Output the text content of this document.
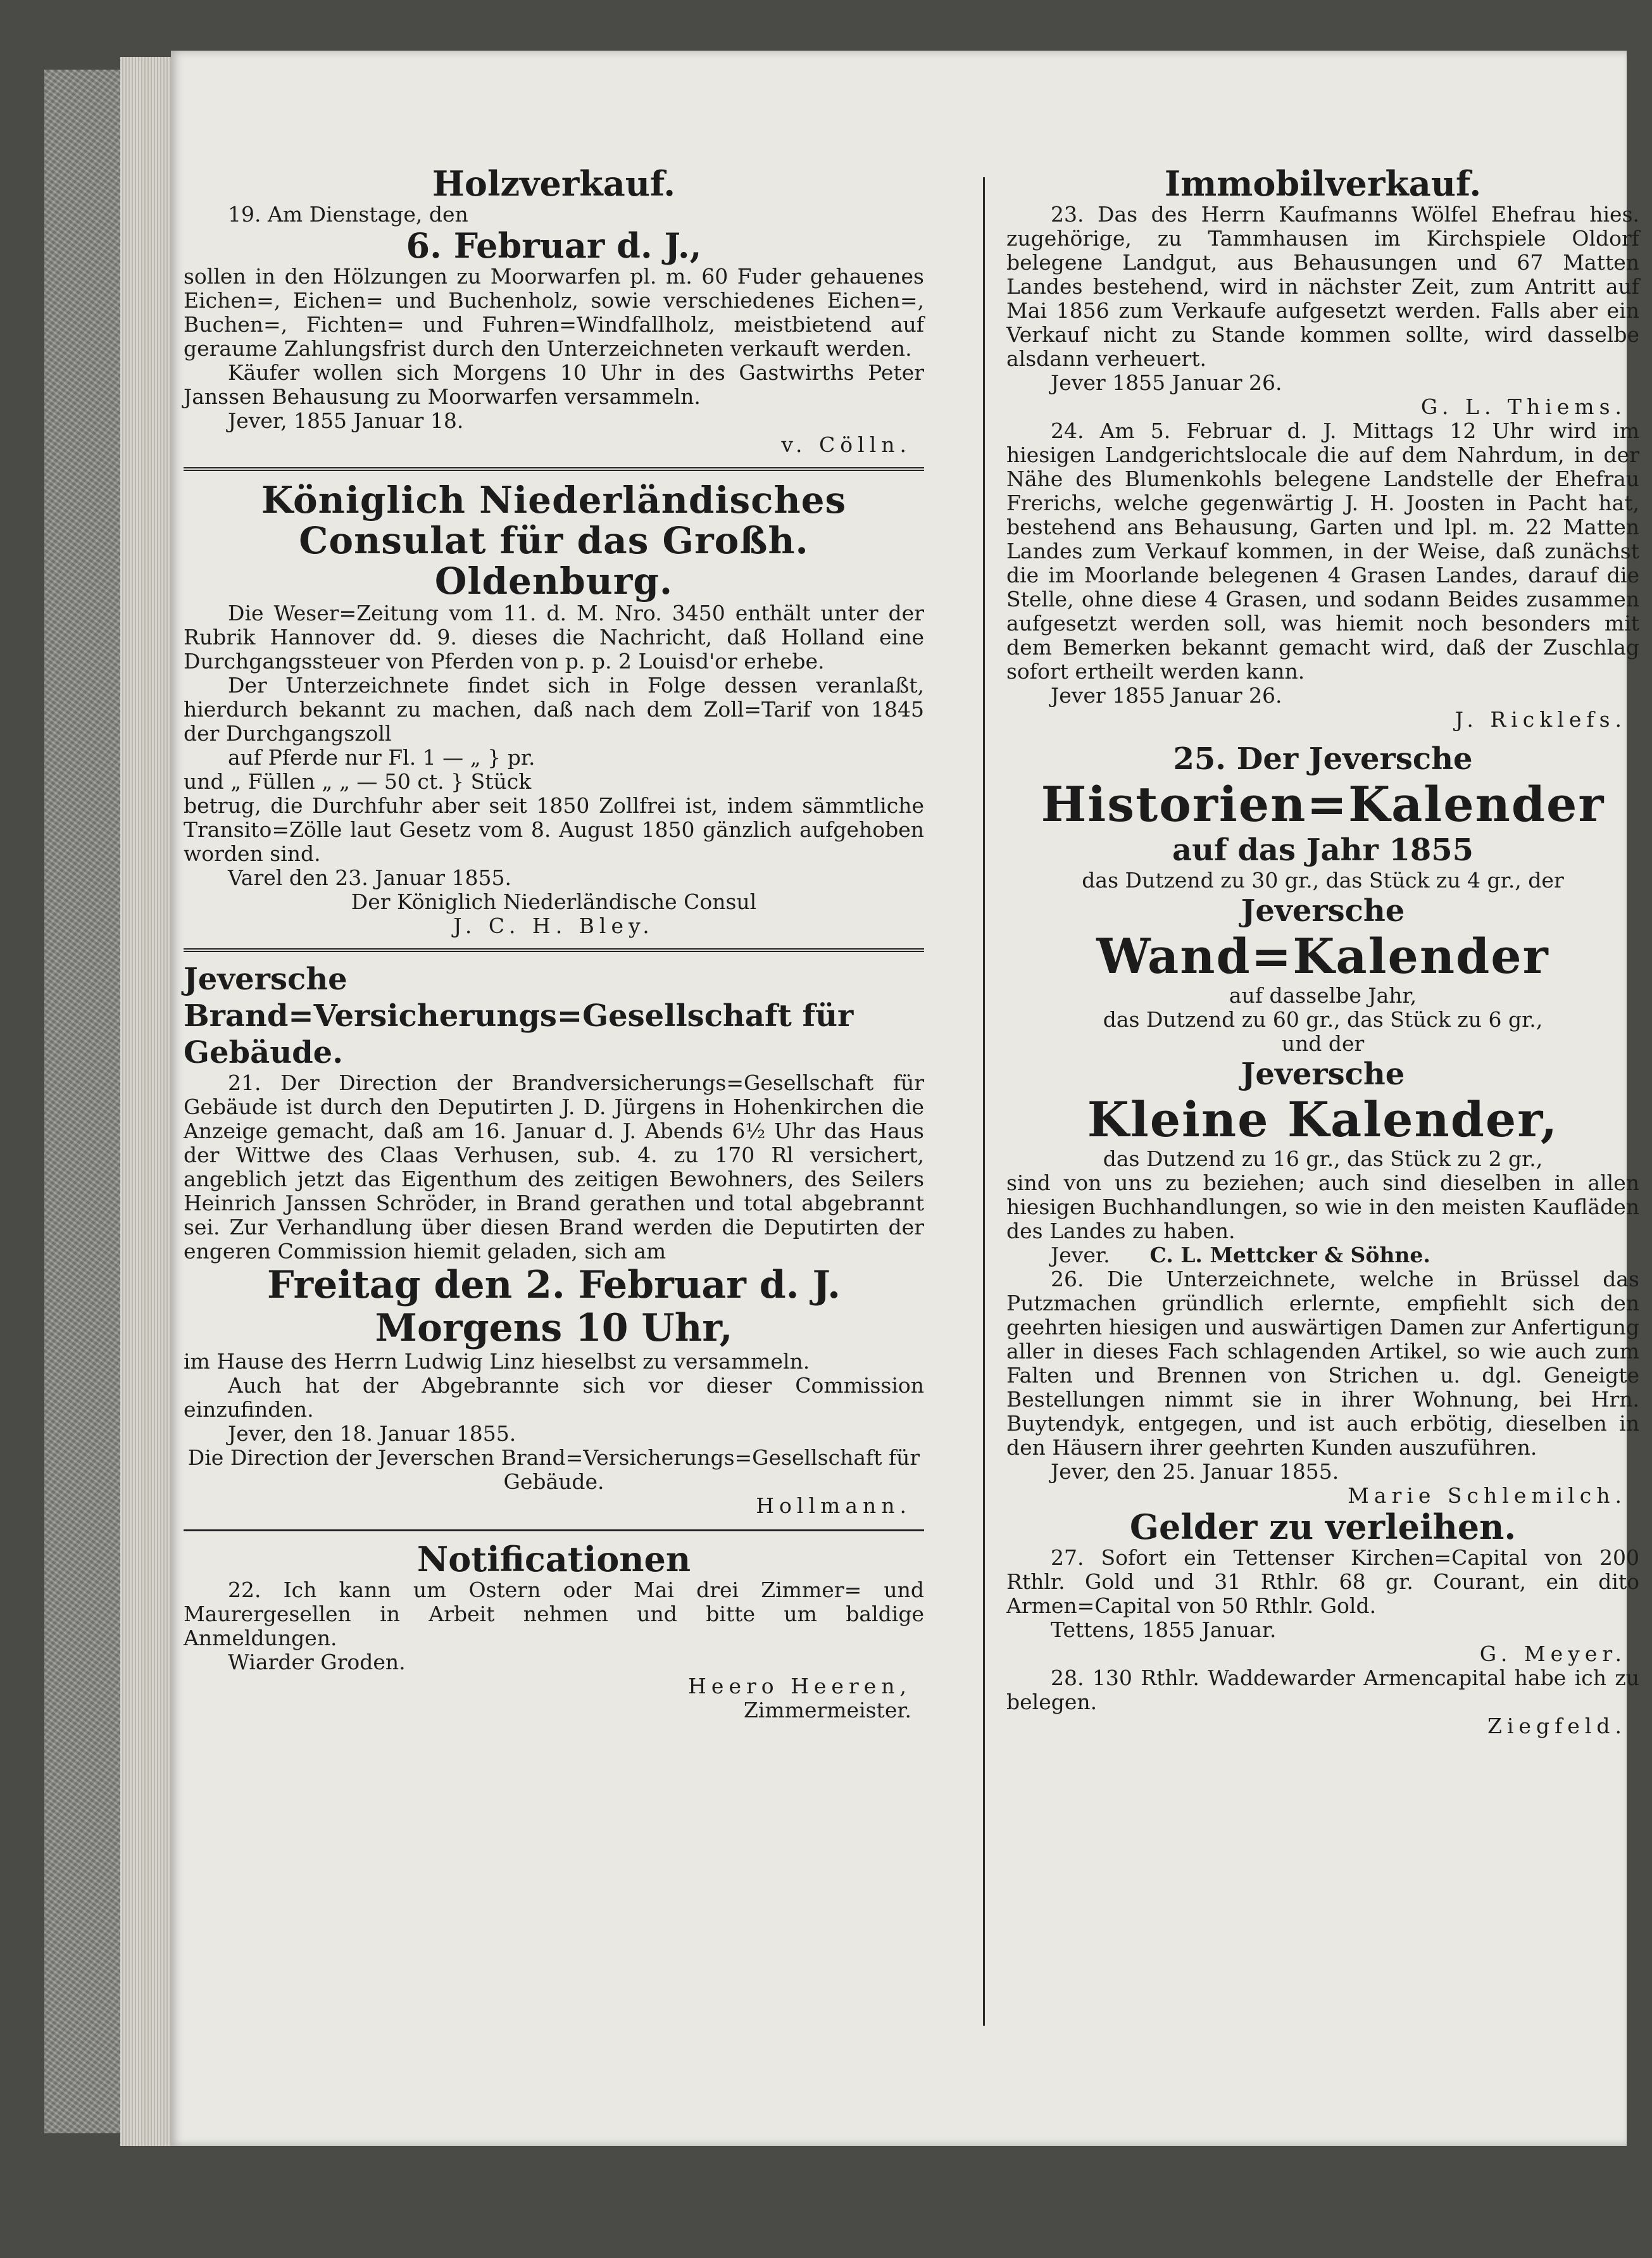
Holzverkauf.

19. Am Dienstage, den

6. Februar d. J.,

sollen in den Hölzungen zu Moorwarfen pl. m. 60 Fuder gehauenes Eichen=, Eichen= und Buchenholz, sowie verschiedenes Eichen=, Buchen=, Fichten= und Fuhren=Windfallholz, meistbietend auf geraume Zahlungsfrist durch den Unterzeichneten verkauft werden.

Käufer wollen sich Morgens 10 Uhr in des Gastwirths Peter Janssen Behausung zu Moorwarfen versammeln.

Jever, 1855 Januar 18.

v. Cölln.

Königlich Niederländisches Consulat für das Großh. Oldenburg.

Die Weser=Zeitung vom 11. d. M. Nro. 3450 enthält unter der Rubrik Hannover dd. 9. dieses die Nachricht, daß Holland eine Durchgangssteuer von Pferden von p. p. 2 Louisd'or erhebe.

Der Unterzeichnete findet sich in Folge dessen veranlaßt, hierdurch bekannt zu machen, daß nach dem Zoll=Tarif von 1845 der Durchgangszoll

auf Pferde nur Fl. 1 — „ } pr.

und „ Füllen „ „ — 50 ct. } Stück

betrug, die Durchfuhr aber seit 1850 Zollfrei ist, indem sämmtliche Transito=Zölle laut Gesetz vom 8. August 1850 gänzlich aufgehoben worden sind.

Varel den 23. Januar 1855.

Der Königlich Niederländische Consul

J. C. H. Bley.

Jeversche Brand=Versicherungs=Gesellschaft für Gebäude.

21. Der Direction der Brandversicherungs=Gesellschaft für Gebäude ist durch den Deputirten J. D. Jürgens in Hohenkirchen die Anzeige gemacht, daß am 16. Januar d. J. Abends 6½ Uhr das Haus der Wittwe des Claas Verhusen, sub. 4. zu 170 Rl versichert, angeblich jetzt das Eigenthum des zeitigen Bewohners, des Seilers Heinrich Janssen Schröder, in Brand gerathen und total abgebrannt sei. Zur Verhandlung über diesen Brand werden die Deputirten der engeren Commission hiemit geladen, sich am

Freitag den 2. Februar d. J.

Morgens 10 Uhr,

im Hause des Herrn Ludwig Linz hieselbst zu versammeln.

Auch hat der Abgebrannte sich vor dieser Commission einzufinden.

Jever, den 18. Januar 1855.

Die Direction der Jeverschen Brand=Versicherungs=Gesellschaft für Gebäude.

Hollmann.

Notificationen

22. Ich kann um Ostern oder Mai drei Zimmer= und Maurergesellen in Arbeit nehmen und bitte um baldige Anmeldungen.

Wiarder Groden.

Heero Heeren,

Zimmermeister.

Immobilverkauf.

23. Das des Herrn Kaufmanns Wölfel Ehefrau hies. zugehörige, zu Tammhausen im Kirchspiele Oldorf belegene Landgut, aus Behausungen und 67 Matten Landes bestehend, wird in nächster Zeit, zum Antritt auf Mai 1856 zum Verkaufe aufgesetzt werden. Falls aber ein Verkauf nicht zu Stande kommen sollte, wird dasselbe alsdann verheuert.

Jever 1855 Januar 26.

G. L. Thiems.

24. Am 5. Februar d. J. Mittags 12 Uhr wird im hiesigen Landgerichtslocale die auf dem Nahrdum, in der Nähe des Blumenkohls belegene Landstelle der Ehefrau Frerichs, welche gegenwärtig J. H. Joosten in Pacht hat, bestehend ans Behausung, Garten und lpl. m. 22 Matten Landes zum Verkauf kommen, in der Weise, daß zunächst die im Moorlande belegenen 4 Grasen Landes, darauf die Stelle, ohne diese 4 Grasen, und sodann Beides zusammen aufgesetzt werden soll, was hiemit noch besonders mit dem Bemerken bekannt gemacht wird, daß der Zuschlag sofort ertheilt werden kann.

Jever 1855 Januar 26.

J. Ricklefs.

25. Der Jeversche

Historien=Kalender

auf das Jahr 1855

das Dutzend zu 30 gr., das Stück zu 4 gr., der

Jeversche

Wand=Kalender

auf dasselbe Jahr,

das Dutzend zu 60 gr., das Stück zu 6 gr.,

und der

Jeversche

Kleine Kalender,

das Dutzend zu 16 gr., das Stück zu 2 gr.,

sind von uns zu beziehen; auch sind dieselben in allen hiesigen Buchhandlungen, so wie in den meisten Kaufläden des Landes zu haben.

Jever. C. L. Mettcker & Söhne.

26. Die Unterzeichnete, welche in Brüssel das Putzmachen gründlich erlernte, empfiehlt sich den geehrten hiesigen und auswärtigen Damen zur Anfertigung aller in dieses Fach schlagenden Artikel, so wie auch zum Falten und Brennen von Strichen u. dgl. Geneigte Bestellungen nimmt sie in ihrer Wohnung, bei Hrn. Buytendyk, entgegen, und ist auch erbötig, dieselben in den Häusern ihrer geehrten Kunden auszuführen.

Jever, den 25. Januar 1855.

Marie Schlemilch.

Gelder zu verleihen.

27. Sofort ein Tettenser Kirchen=Capital von 200 Rthlr. Gold und 31 Rthlr. 68 gr. Courant, ein dito Armen=Capital von 50 Rthlr. Gold.

Tettens, 1855 Januar.

G. Meyer.

28. 130 Rthlr. Waddewarder Armencapital habe ich zu belegen.

Ziegfeld.
